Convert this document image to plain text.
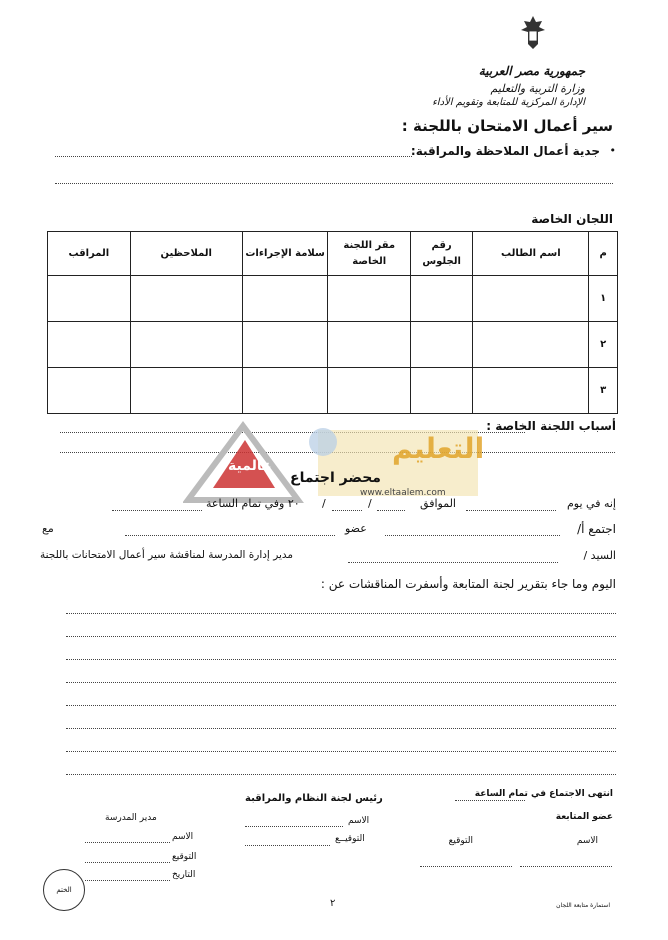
جمهورية مصر العربية
وزارة التربية والتعليم
الإدارة المركزية للمتابعة وتقويم الأداء
سير أعمال الامتحان باللجنة :
•
جدية أعمال الملاحظة والمراقبة:
اللجان الخاصة
م	اسم الطالب	رقم الجلوس	مقر اللجنة الخاصة	سلامة الإجراءات	الملاحظين	المراقب
١						
٢						
٣						
أسباب اللجنة الخاصة :
عالمية
التعليم
www.eltaalem.com
محضر اجتماع
إنه في يوم
الموافق
/
/
٢٠ وفي تمام الساعة
اجتمع أ/
عضو
مع
السيد /
مدير إدارة المدرسة لمناقشة سير أعمال الامتحانات باللجنة
اليوم وما جاء بتقرير لجنة المتابعة وأسفرت المناقشات عن :
انتهى الاجتماع في تمام الساعة
عضو المتابعة
الاسم
التوقيع
رئيس لجنة النظام والمراقبة
الاسم
التوقيــع
مدير المدرسة
الاسم
التوقيع
التاريخ
الختم
٢	استمارة متابعة اللجان
